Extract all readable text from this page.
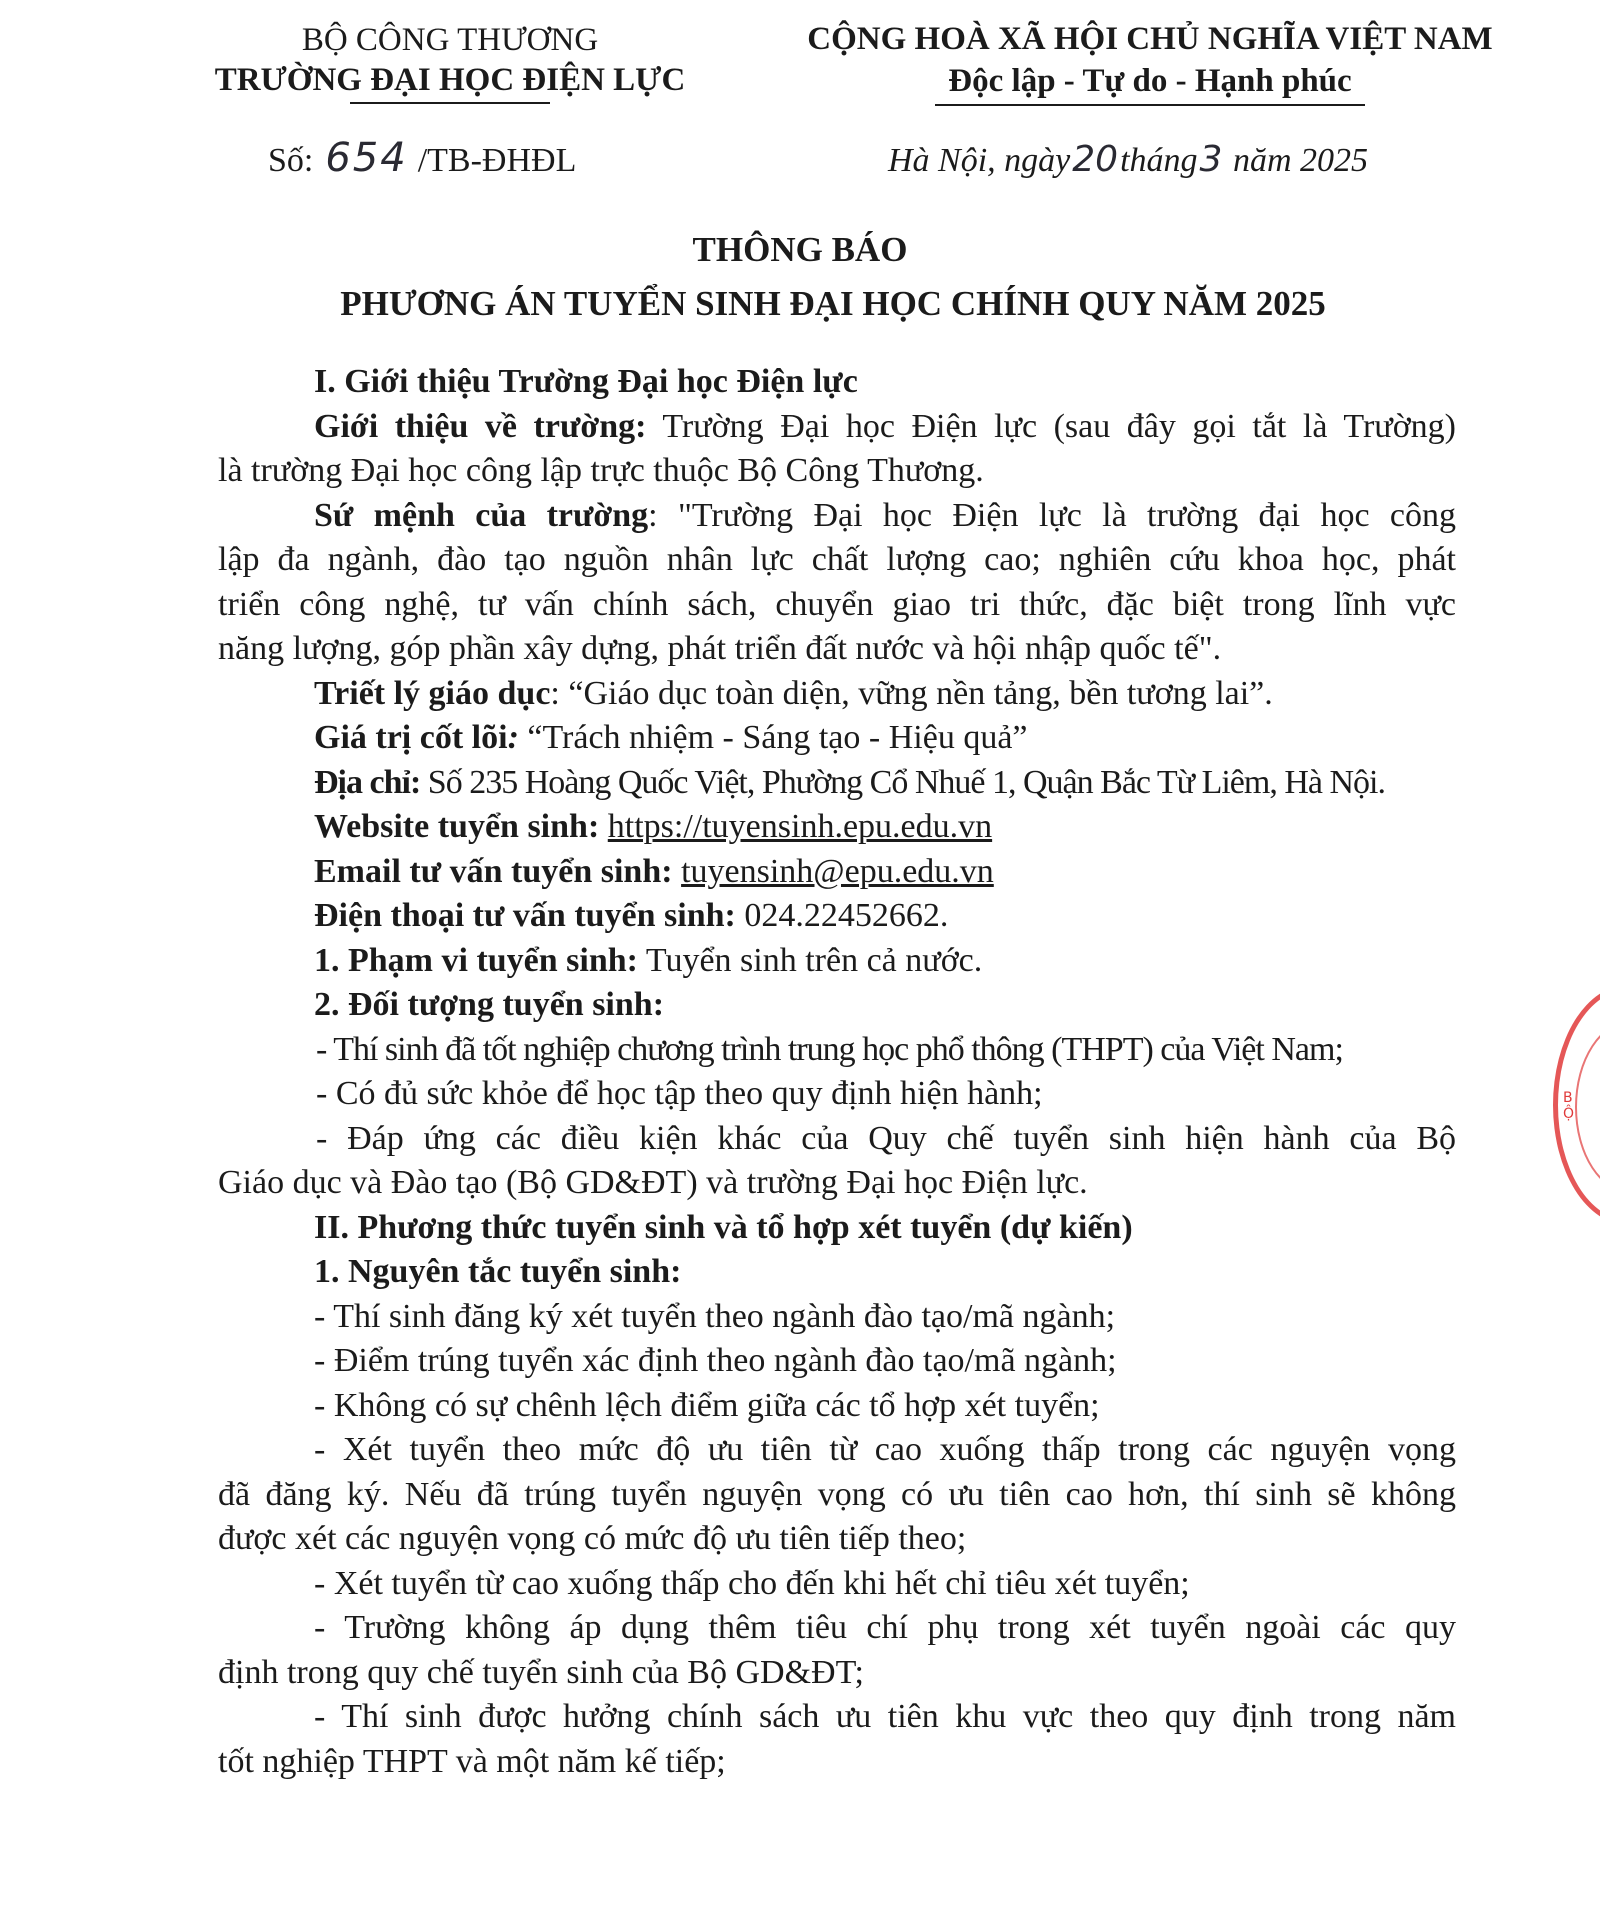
BỘ CÔNG THƯƠNG
TRƯỜNG ĐẠI HỌC ĐIỆN LỰC
CỘNG HOÀ XÃ HỘI CHỦ NGHĨA VIỆT NAM
Độc lập - Tự do - Hạnh phúc
Số: 654 /TB-ĐHĐL	Hà Nội, ngày20tháng3 năm 2025
THÔNG BÁO
PHƯƠNG ÁN TUYỂN SINH ĐẠI HỌC CHÍNH QUY NĂM 2025
I. Giới thiệu Trường Đại học Điện lực
Giới thiệu về trường: Trường Đại học Điện lực (sau đây gọi tắt là Trường)
là trường Đại học công lập trực thuộc Bộ Công Thương.
Sứ mệnh của trường: "Trường Đại học Điện lực là trường đại học công
lập đa ngành, đào tạo nguồn nhân lực chất lượng cao; nghiên cứu khoa học, phát
triển công nghệ, tư vấn chính sách, chuyển giao tri thức, đặc biệt trong lĩnh vực
năng lượng, góp phần xây dựng, phát triển đất nước và hội nhập quốc tế".
Triết lý giáo dục: “Giáo dục toàn diện, vững nền tảng, bền tương lai”.
Giá trị cốt lõi: “Trách nhiệm - Sáng tạo - Hiệu quả”
Địa chỉ: Số 235 Hoàng Quốc Việt, Phường Cổ Nhuế 1, Quận Bắc Từ Liêm, Hà Nội.
Website tuyển sinh: https://tuyensinh.epu.edu.vn
Email tư vấn tuyển sinh: tuyensinh@epu.edu.vn
Điện thoại tư vấn tuyển sinh: 024.22452662.
1. Phạm vi tuyển sinh: Tuyển sinh trên cả nước.
2. Đối tượng tuyển sinh:
- Thí sinh đã tốt nghiệp chương trình trung học phổ thông (THPT) của Việt Nam;
- Có đủ sức khỏe để học tập theo quy định hiện hành;
- Đáp ứng các điều kiện khác của Quy chế tuyển sinh hiện hành của Bộ
Giáo dục và Đào tạo (Bộ GD&ĐT) và trường Đại học Điện lực.
II. Phương thức tuyển sinh và tổ hợp xét tuyển (dự kiến)
1. Nguyên tắc tuyển sinh:
- Thí sinh đăng ký xét tuyển theo ngành đào tạo/mã ngành;
- Điểm trúng tuyển xác định theo ngành đào tạo/mã ngành;
- Không có sự chênh lệch điểm giữa các tổ hợp xét tuyển;
- Xét tuyển theo mức độ ưu tiên từ cao xuống thấp trong các nguyện vọng
đã đăng ký. Nếu đã trúng tuyển nguyện vọng có ưu tiên cao hơn, thí sinh sẽ không
được xét các nguyện vọng có mức độ ưu tiên tiếp theo;
- Xét tuyển từ cao xuống thấp cho đến khi hết chỉ tiêu xét tuyển;
- Trường không áp dụng thêm tiêu chí phụ trong xét tuyển ngoài các quy
định trong quy chế tuyển sinh của Bộ GD&ĐT;
- Thí sinh được hưởng chính sách ưu tiên khu vực theo quy định trong năm
tốt nghiệp THPT và một năm kế tiếp;
BỘ
